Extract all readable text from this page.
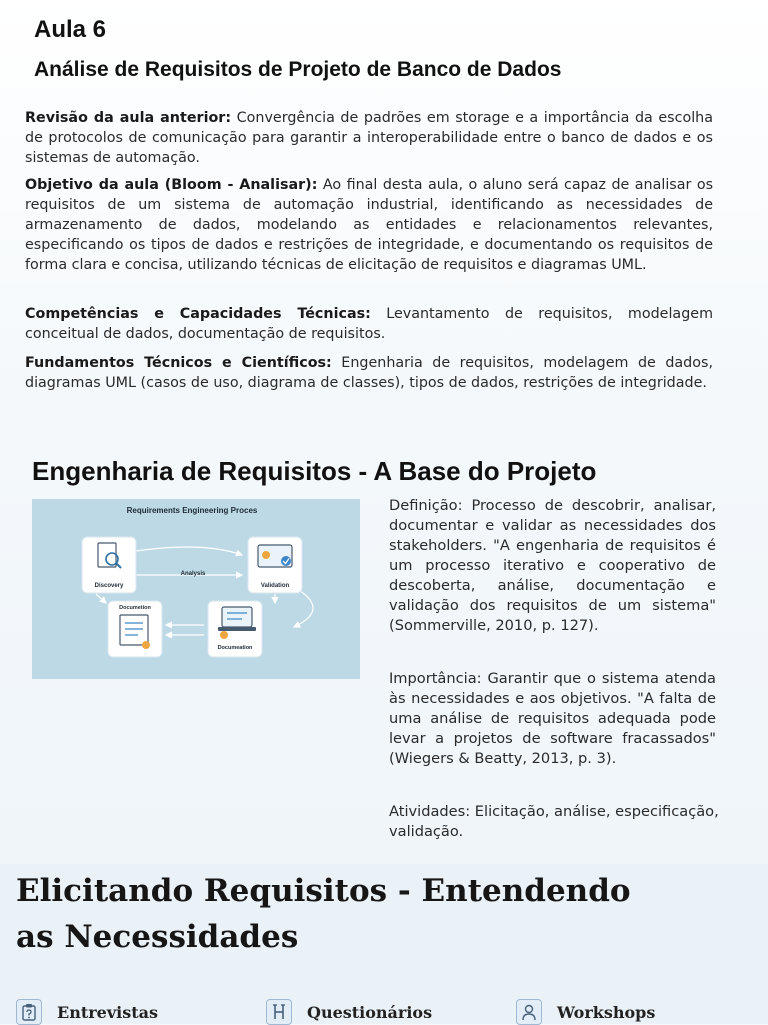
Aula 6
Análise de Requisitos de Projeto de Banco de Dados

Revisão da aula anterior: Convergência de padrões em storage e a importância da escolha de protocolos de comunicação para garantir a interoperabilidade entre o banco de dados e os sistemas de automação.

Objetivo da aula (Bloom - Analisar): Ao final desta aula, o aluno será capaz de analisar os requisitos de um sistema de automação industrial, identificando as necessidades de armazenamento de dados, modelando as entidades e relacionamentos relevantes, especificando os tipos de dados e restrições de integridade, e documentando os requisitos de forma clara e concisa, utilizando técnicas de elicitação de requisitos e diagramas UML.

Competências e Capacidades Técnicas: Levantamento de requisitos, modelagem conceitual de dados, documentação de requisitos.

Fundamentos Técnicos e Científicos: Engenharia de requisitos, modelagem de dados, diagramas UML (casos de uso, diagrama de classes), tipos de dados, restrições de integridade.

Engenharia de Requisitos - A Base do Projeto
Requirements Engineering Proces
Discovery
Analysis
Validation
Documetion
Documeation

Definição: Processo de descobrir, analisar, documentar e validar as necessidades dos stakeholders. "A engenharia de requisitos é um processo iterativo e cooperativo de descoberta, análise, documentação e validação dos requisitos de um sistema" (Sommerville, 2010, p. 127).

Importância: Garantir que o sistema atenda às necessidades e aos objetivos. "A falta de uma análise de requisitos adequada pode levar a projetos de software fracassados" (Wiegers & Beatty, 2013, p. 3).

Atividades: Elicitação, análise, especificação, validação.

Elicitando Requisitos - Entendendo as Necessidades
Entrevistas	Questionários	Workshops
